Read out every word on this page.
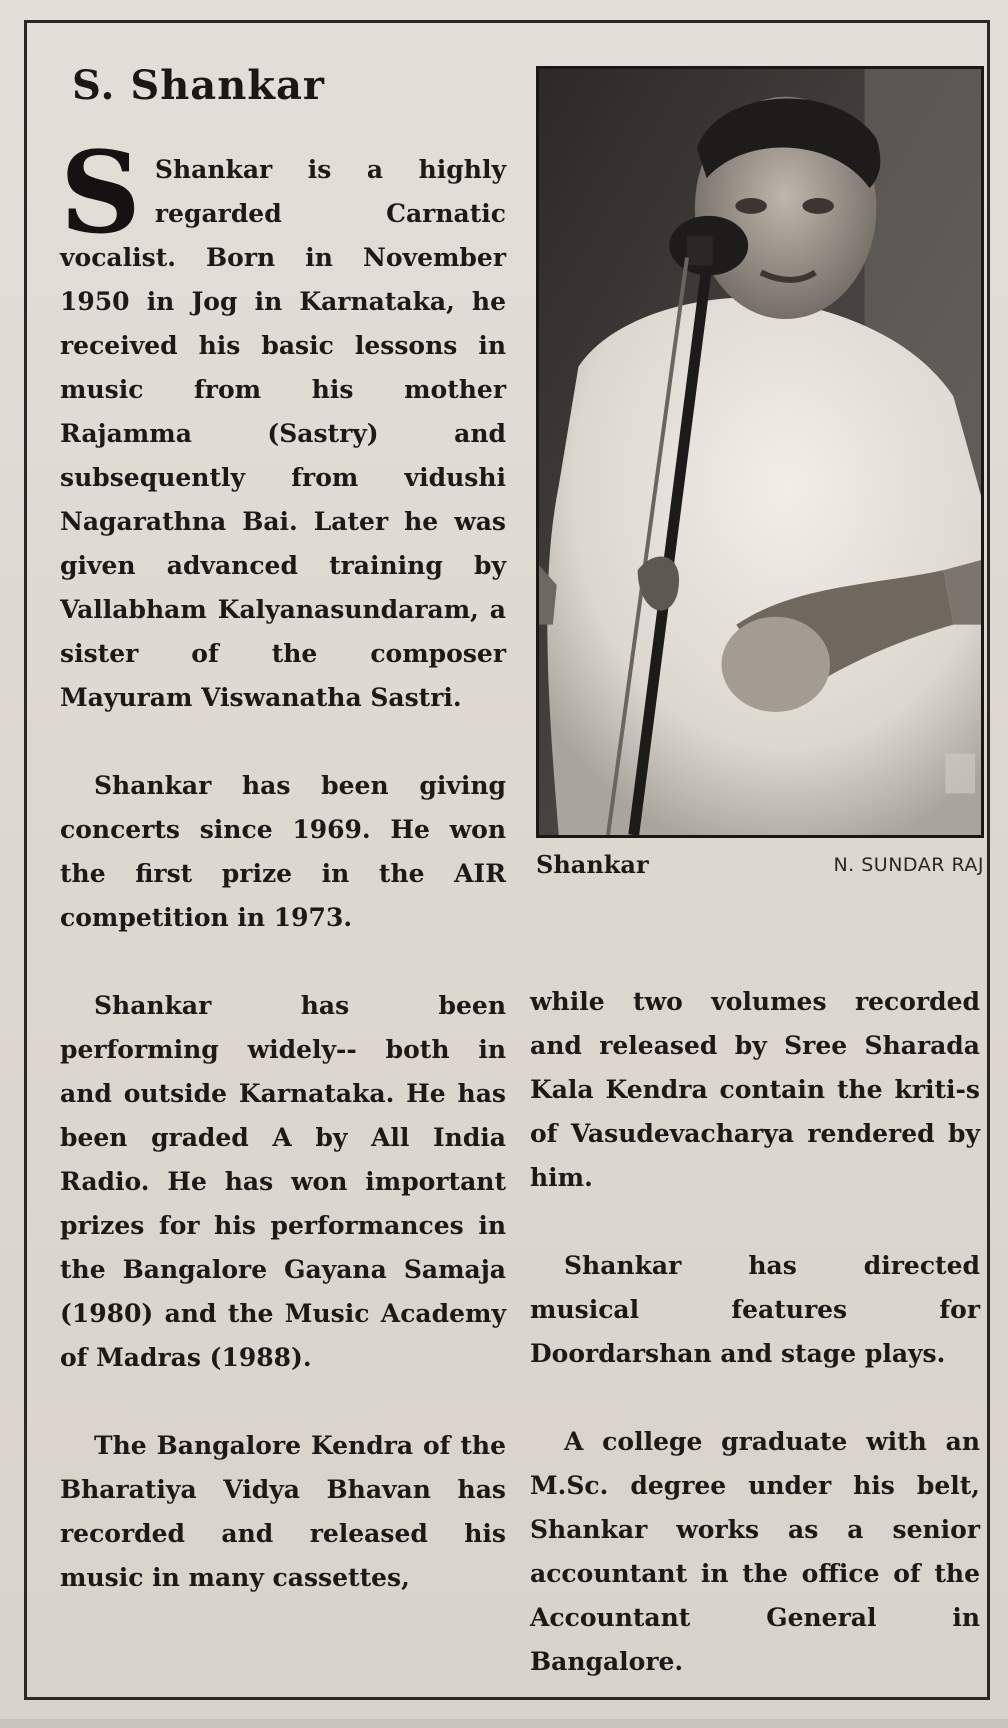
S. Shankar

S Shankar is a highly regarded Carnatic vocalist. Born in November 1950 in Jog in Karnataka, he received his basic lessons in music from his mother Rajamma (Sastry) and subsequently from vidushi Nagarathna Bai. Later he was given advanced training by Vallabham Kalyanasundaram, a sister of the composer Mayuram Viswanatha Sastri.

Shankar has been giving concerts since 1969. He won the first prize in the AIR competition in 1973.

Shankar has been performing widely-- both in and outside Karnataka. He has been graded A by All India Radio. He has won important prizes for his performances in the Bangalore Gayana Samaja (1980) and the Music Academy of Madras (1988).

The Bangalore Kendra of the Bharatiya Vidya Bhavan has recorded and released his music in many cassettes,

Shankar	N. SUNDAR RAJ

while two volumes recorded and released by Sree Sharada Kala Kendra contain the kriti-s of Vasudevacharya rendered by him.

Shankar has directed musical features for Doordarshan and stage plays.

A college graduate with an M.Sc. degree under his belt, Shankar works as a senior accountant in the office of the Accountant General in Bangalore.
